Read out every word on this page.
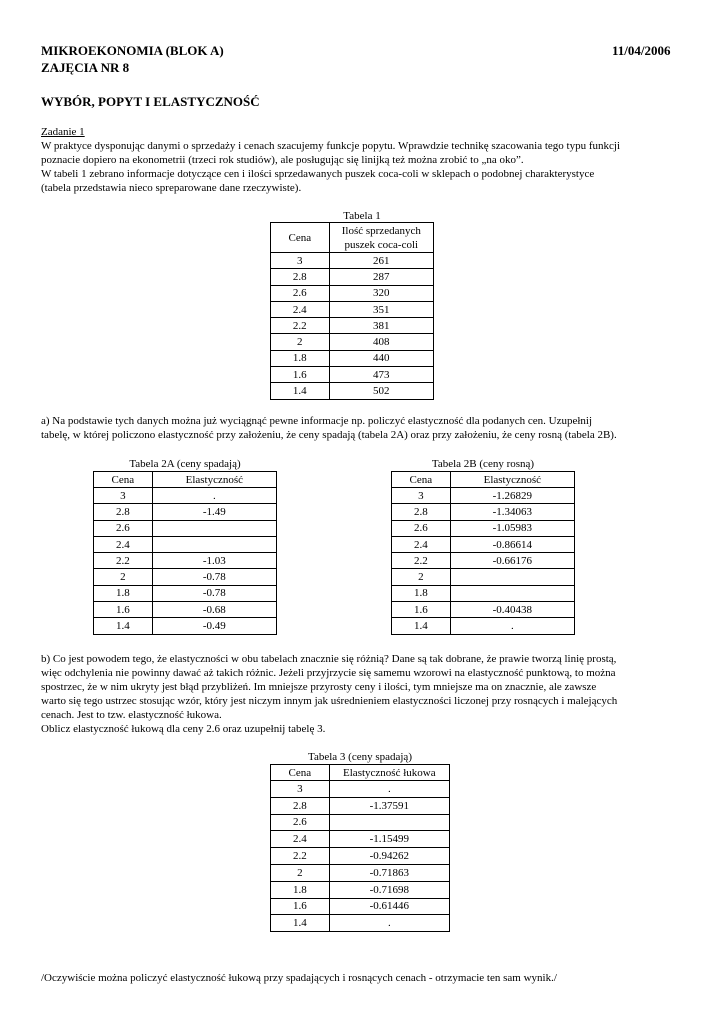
MIKROEKONOMIA (BLOK A)	11/04/2006
ZAJĘCIA NR 8
WYBÓR, POPYT I ELASTYCZNOŚĆ
Zadanie 1
W praktyce dysponując danymi o sprzedaży i cenach szacujemy funkcje popytu. Wprawdzie technikę szacowania tego typu funkcji
poznacie dopiero na ekonometrii (trzeci rok studiów), ale posługując się linijką też można zrobić to „na oko”.
W tabeli 1 zebrano informacje dotyczące cen i ilości sprzedawanych puszek coca-coli w sklepach o podobnej charakterystyce
(tabela przedstawia nieco spreparowane dane rzeczywiste).
Tabela 1
Cena	Ilość sprzedanych
puszek coca-coli

3	261
2.8	287
2.6	320
2.4	351
2.2	381
2	408
1.8	440
1.6	473
1.4	502
a) Na podstawie tych danych można już wyciągnąć pewne informacje np. policzyć elastyczność dla podanych cen. Uzupełnij
tabelę, w której policzono elastyczność przy założeniu, że ceny spadają (tabela 2A) oraz przy założeniu, że ceny rosną (tabela 2B).
Tabela 2A (ceny spadają)
Cena	Elastyczność
3	.
2.8	-1.49
2.6	
2.4	
2.2	-1.03
2	-0.78
1.8	-0.78
1.6	-0.68
1.4	-0.49
Tabela 2B (ceny rosną)
Cena	Elastyczność
3	-1.26829
2.8	-1.34063
2.6	-1.05983
2.4	-0.86614
2.2	-0.66176
2	
1.8	
1.6	-0.40438
1.4	.
b) Co jest powodem tego, że elastyczności w obu tabelach znacznie się różnią? Dane są tak dobrane, że prawie tworzą linię prostą,
więc odchylenia nie powinny dawać aż takich różnic. Jeżeli przyjrzycie się samemu wzorowi na elastyczność punktową, to można
spostrzec, że w nim ukryty jest błąd przybliżeń. Im mniejsze przyrosty ceny i ilości, tym mniejsze ma on znacznie, ale zawsze
warto się tego ustrzec stosując wzór, który jest niczym innym jak uśrednieniem elastyczności liczonej przy rosnących i malejących
cenach. Jest to tzw. elastyczność łukowa.
Oblicz elastyczność łukową dla ceny 2.6 oraz uzupełnij tabelę 3.
Tabela 3 (ceny spadają)
Cena	Elastyczność łukowa
3	.
2.8	-1.37591
2.6	
2.4	-1.15499
2.2	-0.94262
2	-0.71863
1.8	-0.71698
1.6	-0.61446
1.4	.
/Oczywiście można policzyć elastyczność łukową przy spadających i rosnących cenach - otrzymacie ten sam wynik./
